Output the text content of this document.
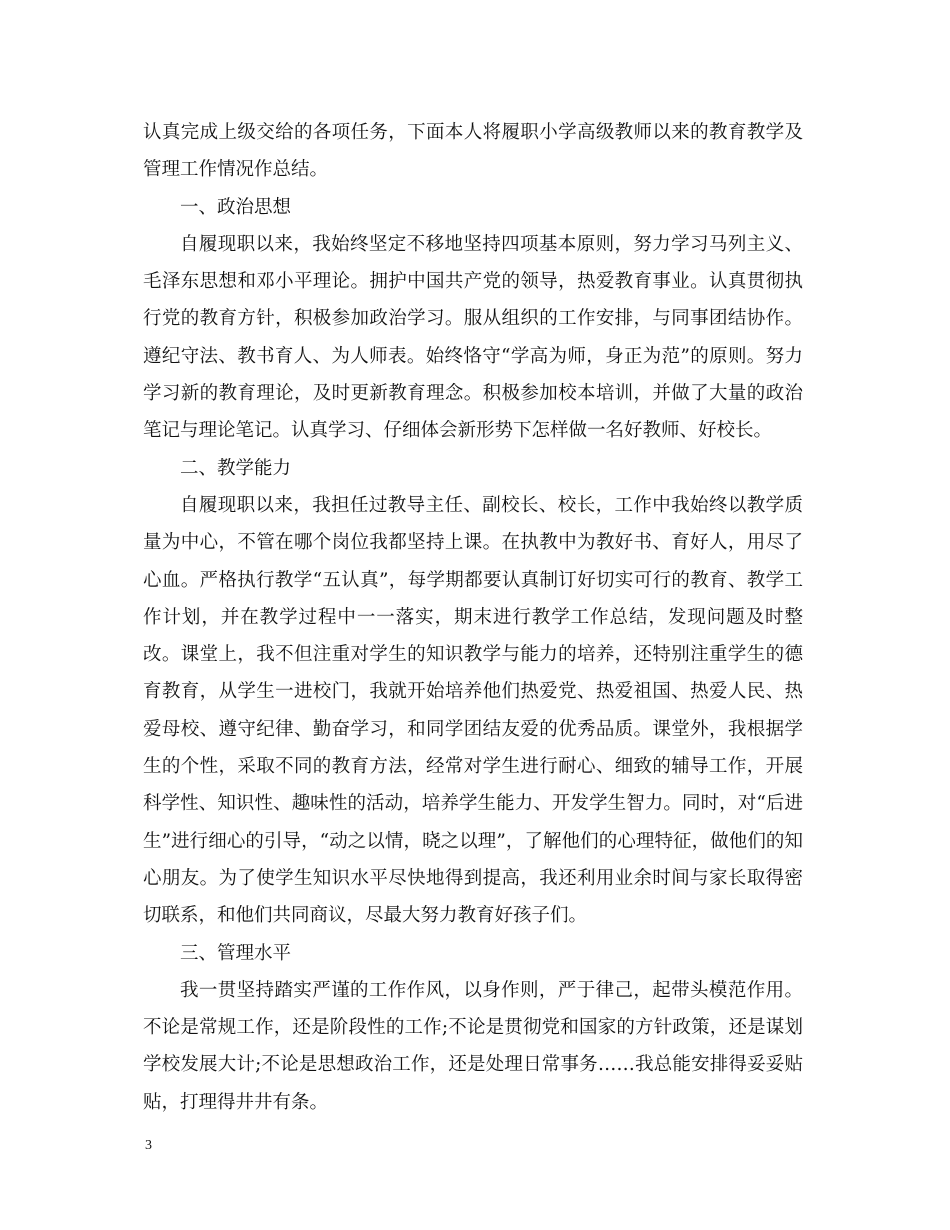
认真完成上级交给的各项任务，下面本人将履职小学高级教师以来的教育教学及管理工作情况作总结。

一、政治思想

自履现职以来，我始终坚定不移地坚持四项基本原则，努力学习马列主义、毛泽东思想和邓小平理论。拥护中国共产党的领导，热爱教育事业。认真贯彻执行党的教育方针，积极参加政治学习。服从组织的工作安排，与同事团结协作。遵纪守法、教书育人、为人师表。始终恪守“学高为师，身正为范”的原则。努力学习新的教育理论，及时更新教育理念。积极参加校本培训，并做了大量的政治笔记与理论笔记。认真学习、仔细体会新形势下怎样做一名好教师、好校长。

二、教学能力

自履现职以来，我担任过教导主任、副校长、校长，工作中我始终以教学质量为中心，不管在哪个岗位我都坚持上课。在执教中为教好书、育好人，用尽了心血。严格执行教学“五认真”，每学期都要认真制订好切实可行的教育、教学工作计划，并在教学过程中一一落实，期末进行教学工作总结，发现问题及时整改。课堂上，我不但注重对学生的知识教学与能力的培养，还特别注重学生的德育教育，从学生一进校门，我就开始培养他们热爱党、热爱祖国、热爱人民、热爱母校、遵守纪律、勤奋学习，和同学团结友爱的优秀品质。课堂外，我根据学生的个性，采取不同的教育方法，经常对学生进行耐心、细致的辅导工作，开展科学性、知识性、趣味性的活动，培养学生能力、开发学生智力。同时，对“后进生”进行细心的引导，“动之以情，晓之以理”，了解他们的心理特征，做他们的知心朋友。为了使学生知识水平尽快地得到提高，我还利用业余时间与家长取得密切联系，和他们共同商议，尽最大努力教育好孩子们。

三、管理水平

我一贯坚持踏实严谨的工作作风，以身作则，严于律己，起带头模范作用。不论是常规工作，还是阶段性的工作;不论是贯彻党和国家的方针政策，还是谋划学校发展大计;不论是思想政治工作，还是处理日常事务……我总能安排得妥妥贴贴，打理得井井有条。

3
